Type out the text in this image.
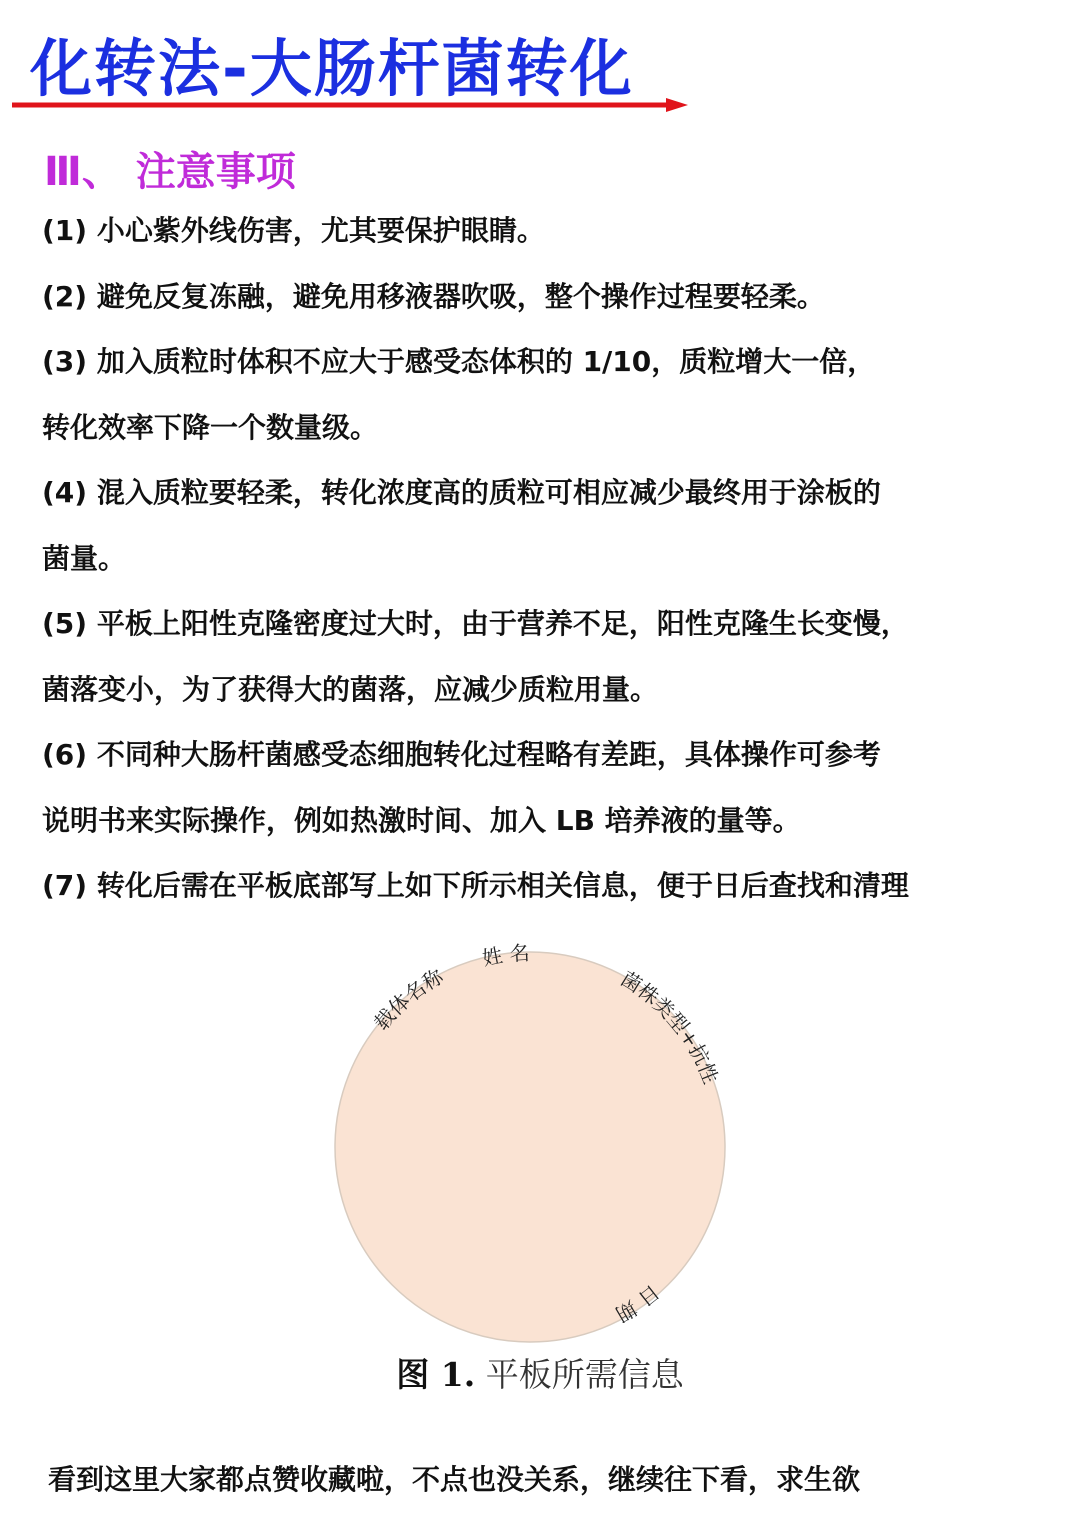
化转法-大肠杆菌转化
Ⅲ、 注意事项
(1) 小心紫外线伤害，尤其要保护眼睛。
(2) 避免反复冻融，避免用移液器吹吸，整个操作过程要轻柔。
(3) 加入质粒时体积不应大于感受态体积的 1/10，质粒增大一倍，
转化效率下降一个数量级。
(4) 混入质粒要轻柔，转化浓度高的质粒可相应减少最终用于涂板的
菌量。
(5) 平板上阳性克隆密度过大时，由于营养不足，阳性克隆生长变慢，
菌落变小，为了获得大的菌落，应减少质粒用量。
(6) 不同种大肠杆菌感受态细胞转化过程略有差距，具体操作可参考
说明书来实际操作，例如热激时间、加入 LB 培养液的量等。
(7) 转化后需在平板底部写上如下所示相关信息，便于日后查找和清理
载体名称
姓 名
菌株类型+抗性
日 期
图 1. 平板所需信息
看到这里大家都点赞收藏啦，不点也没关系，继续往下看，求生欲
